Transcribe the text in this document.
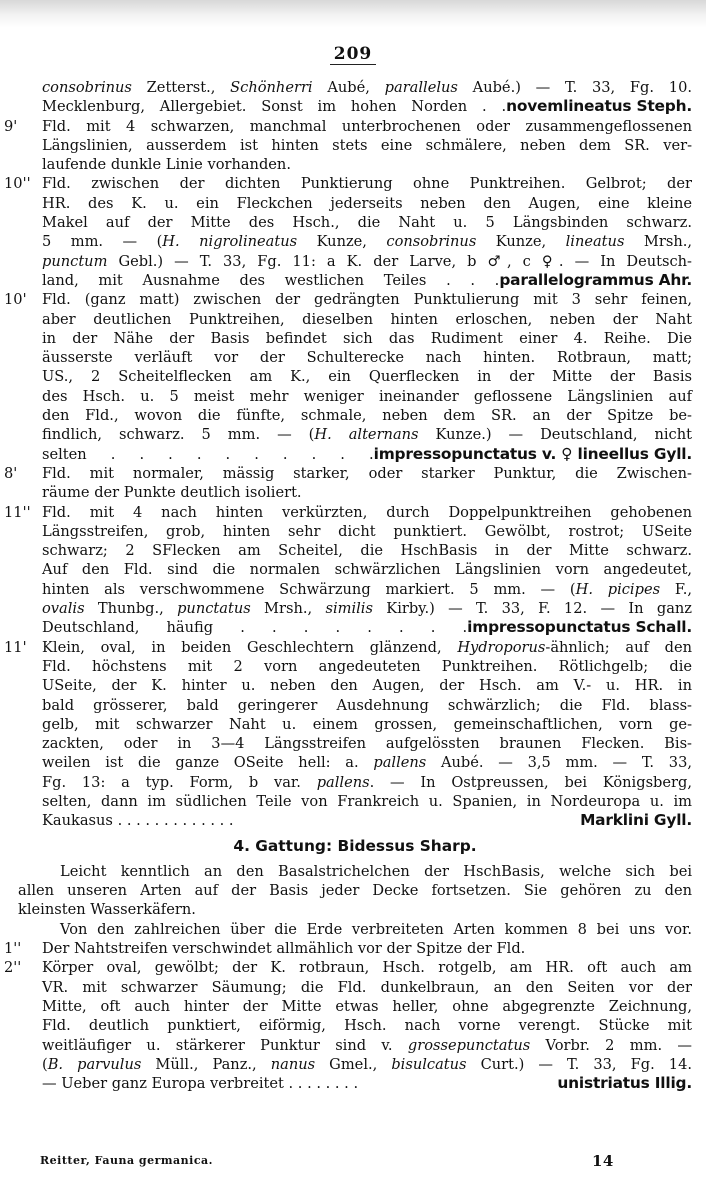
209
consobrinus Zetterst., Schönherri Aubé, parallelus Aubé.) — T. 33, Fg. 10.
Mecklenburg, Allergebiet. Sonst im hohen Norden . . novemlineatus Steph.
9' Fld. mit 4 schwarzen, manchmal unterbrochenen oder zusammengeflossenen
Längslinien, ausserdem ist hinten stets eine schmälere, neben dem SR. ver-
laufende dunkle Linie vorhanden.
10'' Fld. zwischen der dichten Punktierung ohne Punktreihen. Gelbrot; der
HR. des K. u. ein Fleckchen jederseits neben den Augen, eine kleine
Makel auf der Mitte des Hsch., die Naht u. 5 Längsbinden schwarz.
5 mm. — (H. nigrolineatus Kunze, consobrinus Kunze, lineatus Mrsh.,
punctum Gebl.) — T. 33, Fg. 11: a K. der Larve, b ♂, c ♀. — In Deutsch-
land, mit Ausnahme des westlichen Teiles . . . parallelogrammus Ahr.
10' Fld. (ganz matt) zwischen der gedrängten Punktulierung mit 3 sehr feinen,
aber deutlichen Punktreihen, dieselben hinten erloschen, neben der Naht
in der Nähe der Basis befindet sich das Rudiment einer 4. Reihe. Die
äusserste verläuft vor der Schulterecke nach hinten. Rotbraun, matt;
US., 2 Scheitelflecken am K., ein Querflecken in der Mitte der Basis
des Hsch. u. 5 meist mehr weniger ineinander geflossene Längslinien auf
den Fld., wovon die fünfte, schmale, neben dem SR. an der Spitze be-
findlich, schwarz. 5 mm. — (H. alternans Kunze.) — Deutschland, nicht
selten . . . . . . . . . . impressopunctatus v. ♀ lineellus Gyll.
8' Fld. mit normaler, mässig starker, oder starker Punktur, die Zwischen-
räume der Punkte deutlich isoliert.
11'' Fld. mit 4 nach hinten verkürzten, durch Doppelpunktreihen gehobenen
Längsstreifen, grob, hinten sehr dicht punktiert. Gewölbt, rostrot; USeite
schwarz; 2 SFlecken am Scheitel, die HschBasis in der Mitte schwarz.
Auf den Fld. sind die normalen schwärzlichen Längslinien vorn angedeutet,
hinten als verschwommene Schwärzung markiert. 5 mm. — (H. picipes F.,
ovalis Thunbg., punctatus Mrsh., similis Kirby.) — T. 33, F. 12. — In ganz
Deutschland, häufig . . . . . . . . impressopunctatus Schall.
11' Klein, oval, in beiden Geschlechtern glänzend, Hydroporus-ähnlich; auf den
Fld. höchstens mit 2 vorn angedeuteten Punktreihen. Rötlichgelb; die
USeite, der K. hinter u. neben den Augen, der Hsch. am V.- u. HR. in
bald grösserer, bald geringerer Ausdehnung schwärzlich; die Fld. blass-
gelb, mit schwarzer Naht u. einem grossen, gemeinschaftlichen, vorn ge-
zackten, oder in 3—4 Längsstreifen aufgelössten braunen Flecken. Bis-
weilen ist die ganze OSeite hell: a. pallens Aubé. — 3,5 mm. — T. 33,
Fg. 13: a typ. Form, b var. pallens. — In Ostpreussen, bei Königsberg,
selten, dann im südlichen Teile von Frankreich u. Spanien, in Nordeuropa u. im
Kaukasus . . . . . . . . . . . . .	Marklini Gyll.
4. Gattung: Bidessus Sharp.
Leicht kenntlich an den Basalstrichelchen der HschBasis, welche sich bei
allen unseren Arten auf der Basis jeder Decke fortsetzen. Sie gehören zu den
kleinsten Wasserkäfern.
Von den zahlreichen über die Erde verbreiteten Arten kommen 8 bei uns vor.
1'' Der Nahtstreifen verschwindet allmählich vor der Spitze der Fld.
2'' Körper oval, gewölbt; der K. rotbraun, Hsch. rotgelb, am HR. oft auch am
VR. mit schwarzer Säumung; die Fld. dunkelbraun, an den Seiten vor der
Mitte, oft auch hinter der Mitte etwas heller, ohne abgegrenzte Zeichnung,
Fld. deutlich punktiert, eiförmig, Hsch. nach vorne verengt. Stücke mit
weitläufiger u. stärkerer Punktur sind v. grossepunctatus Vorbr. 2 mm. —
(B. parvulus Müll., Panz., nanus Gmel., bisulcatus Curt.) — T. 33, Fg. 14.
— Ueber ganz Europa verbreitet . . . . . . . .	unistriatus Illig.
Reitter, Fauna germanica.	14
